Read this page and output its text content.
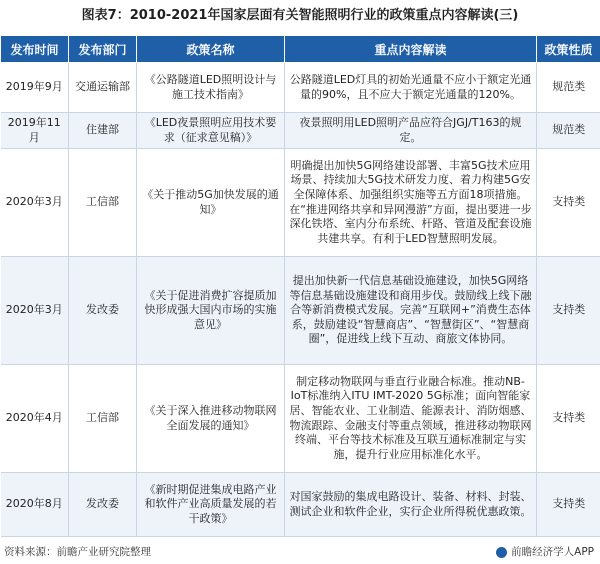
图表7：2010-2021年国家层面有关智能照明行业的政策重点内容解读(三)
发布时间	发布部门	政策名称	重点内容解读	政策性质
2019年9月	交通运输部	《公路隧道LED照明设计与施工技术指南》	公路隧道LED灯具的初始光通量不应小于额定光通量的90%，且不应大于额定光通量的120%。	规范类
2019年11月	住建部	《LED夜景照明应用技术要求（征求意见稿）》	夜景照明用LED照明产品应符合JGJ/T163的规定。	规范类
2020年3月	工信部	《关于推动5G加快发展的通知》	明确提出加快5G网络建设部署、丰富5G技术应用场景、持续加大5G技术研发力度、着力构建5G安全保障体系、加强组织实施等五方面18项措施。在“推进网络共享和异网漫游”方面，提出要进一步深化铁塔、室内分布系统、杆路、管道及配套设施共建共享。有利于LED智慧照明发展。	支持类
2020年3月	发改委	《关于促进消费扩容提质加快形成强大国内市场的实施意见》	提出加快新一代信息基础设施建设，加快5G网络等信息基础设施建设和商用步伐。鼓励线上线下融合等新消费模式发展。完善“互联网+”消费生态体系，鼓励建设“智慧商店”、“智慧街区”、“智慧商圈”，促进线上线下互动、商旅文体协同。	支持类
2020年4月	工信部	《关于深入推进移动物联网全面发展的通知》	制定移动物联网与垂直行业融合标准。推动NB-IoT标准纳入ITU IMT-2020 5G标准；面向智能家居、智能农业、工业制造、能源表计、消防烟感、物流跟踪、金融支付等重点领域，推进移动物联网终端、平台等技术标准及互联互通标准制定与实施，提升行业应用标准化水平。	支持类
2020年8月	发改委	《新时期促进集成电路产业和软件产业高质量发展的若干政策》	对国家鼓励的集成电路设计、装备、材料、封装、测试企业和软件企业，实行企业所得税优惠政策。	支持类
资料来源：前瞻产业研究院整理	前瞻经济学人APP
